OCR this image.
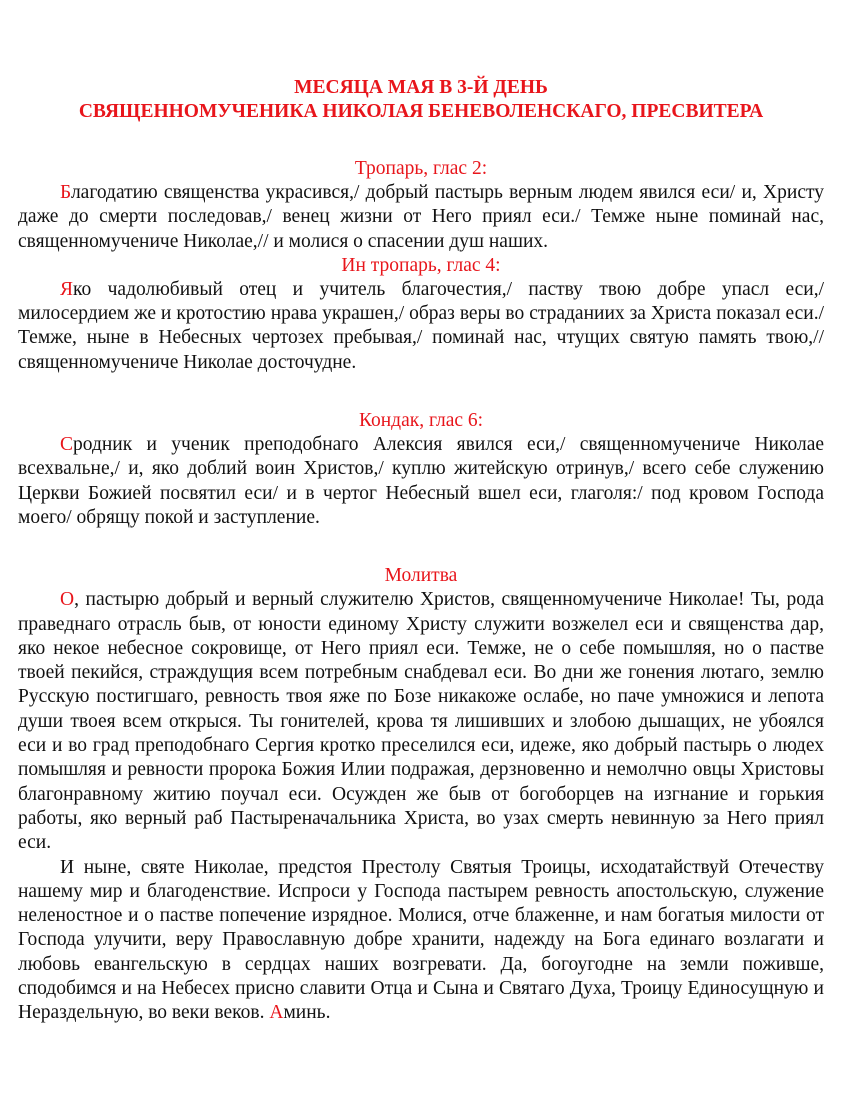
МЕСЯЦА МАЯ В 3-Й ДЕНЬ
СВЯЩЕННОМУЧЕНИКА НИКОЛАЯ БЕНЕВОЛЕНСКАГО, ПРЕСВИТЕРА
Тропарь, глас 2:

Благодатию священства украсився,/ добрый пастырь верным людем явился еси/ и, Христу даже до смерти последовав,/ венец жизни от Него приял еси./ Темже ныне поминай нас, священномучениче Николае,// и молися о спасении душ наших.

Ин тропарь, глас 4:

Яко чадолюбивый отец и учитель благочестия,/ паству твою добре упасл еси,/ милосердием же и кротостию нрава украшен,/ образ веры во страданиих за Христа показал еси./ Темже, ныне в Небесных чертозех пребывая,/ поминай нас, чтущих святую память твою,// священномучениче Николае досточудне.

Кондак, глас 6:

Сродник и ученик преподобнаго Алексия явился еси,/ священномучениче Николае всехвальне,/ и, яко доблий воин Христов,/ куплю житейскую отринув,/ всего себе служению Церкви Божией посвятил еси/ и в чертог Небесный вшел еси, глаголя:/ под кровом Господа моего/ обрящу покой и заступление.

Молитва

О, пастырю добрый и верный служителю Христов, священномучениче Николае! Ты, рода праведнаго отрасль быв, от юности единому Христу служити возжелел еси и священства дар, яко некое небесное сокровище, от Него приял еси. Темже, не о себе помышляя, но о пастве твоей пекийся, страждущия всем потребным снабдевал еси. Во дни же гонения лютаго, землю Русскую постигшаго, ревность твоя яже по Бозе никакоже ослабе, но паче умножися и лепота души твоея всем открыся. Ты гонителей, крова тя лишивших и злобою дышащих, не убоялся еси и во град преподобнаго Сергия кротко преселился еси, идеже, яко добрый пастырь о людех помышляя и ревности пророка Божия Илии подражая, дерзновенно и немолчно овцы Христовы благонравному житию поучал еси. Осужден же быв от богоборцев на изгнание и горькия работы, яко верный раб Пастыреначальника Христа, во узах смерть невинную за Него приял еси.

И ныне, святе Николае, предстоя Престолу Святыя Троицы, исходатайствуй Отечеству нашему мир и благоденствие. Испроси у Господа пастырем ревность апостольскую, служение неленостное и о пастве попечение изрядное. Молися, отче блаженне, и нам богатыя милости от Господа улучити, веру Православную добре хранити, надежду на Бога единаго возлагати и любовь евангельскую в сердцах наших возгревати. Да, богоугодне на земли поживше, сподобимся и на Небесех присно славити Отца и Сына и Святаго Духа, Троицу Единосущную и Нераздельную, во веки веков. Аминь.
